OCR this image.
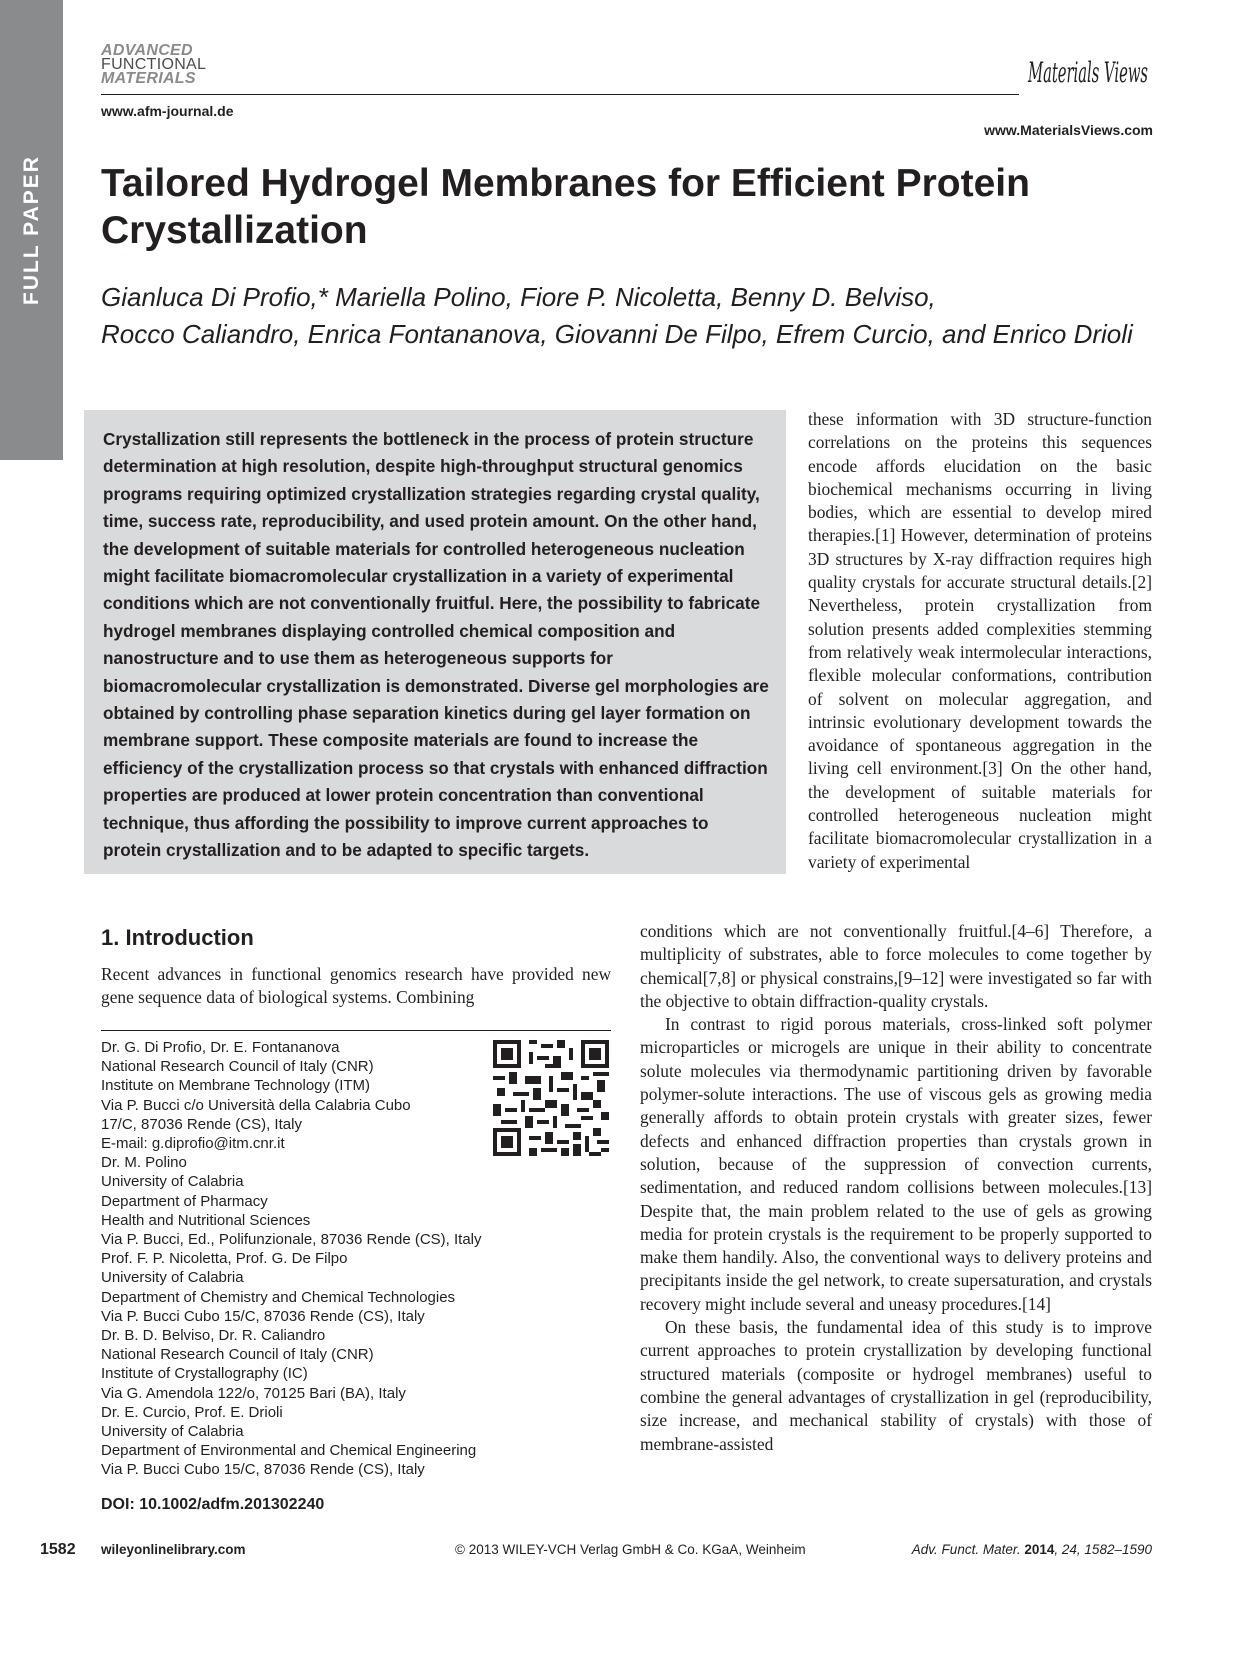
FULL PAPER
ADVANCED
FUNCTIONAL
MATERIALS
www.afm-journal.de
Materials Views
www.MaterialsViews.com
Tailored Hydrogel Membranes for Efficient Protein Crystallization
Gianluca Di Profio,* Mariella Polino, Fiore P. Nicoletta, Benny D. Belviso,
Rocco Caliandro, Enrica Fontananova, Giovanni De Filpo, Efrem Curcio, and Enrico Drioli
Crystallization still represents the bottleneck in the process of protein structure determination at high resolution, despite high-throughput structural genomics programs requiring optimized crystallization strategies regarding crystal quality, time, success rate, reproducibility, and used protein amount. On the other hand, the development of suitable materials for controlled heterogeneous nucleation might facilitate biomacromolecular crystallization in a variety of experimental conditions which are not conventionally fruitful. Here, the possibility to fabricate hydrogel membranes displaying controlled chemical composition and nanostructure and to use them as heterogeneous supports for biomacromolecular crystallization is demonstrated. Diverse gel morphologies are obtained by controlling phase separation kinetics during gel layer formation on membrane support. These composite materials are found to increase the efficiency of the crystallization process so that crystals with enhanced diffraction properties are produced at lower protein concentration than conventional technique, thus affording the possibility to improve current approaches to protein crystallization and to be adapted to specific targets.
these information with 3D structure-function correlations on the proteins this sequences encode affords elucidation on the basic biochemical mechanisms occurring in living bodies, which are essential to develop mired therapies.[1] However, determination of proteins 3D structures by X-ray diffraction requires high quality crystals for accurate structural details.[2] Nevertheless, protein crystallization from solution presents added complexities stemming from relatively weak intermolecular interactions, flexible molecular conformations, contribution of solvent on molecular aggregation, and intrinsic evolutionary development towards the avoidance of spontaneous aggregation in the living cell environment.[3] On the other hand, the development of suitable materials for controlled heterogeneous nucleation might facilitate biomacromolecular crystallization in a variety of experimental
1. Introduction
Recent advances in functional genomics research have provided new gene sequence data of biological systems. Combining

conditions which are not conventionally fruitful.[4–6] Therefore, a multiplicity of substrates, able to force molecules to come together by chemical[7,8] or physical constrains,[9–12] were investigated so far with the objective to obtain diffraction-quality crystals.

In contrast to rigid porous materials, cross-linked soft polymer microparticles or microgels are unique in their ability to concentrate solute molecules via thermodynamic partitioning driven by favorable polymer-solute interactions. The use of viscous gels as growing media generally affords to obtain protein crystals with greater sizes, fewer defects and enhanced diffraction properties than crystals grown in solution, because of the suppression of convection currents, sedimentation, and reduced random collisions between molecules.[13] Despite that, the main problem related to the use of gels as growing media for protein crystals is the requirement to be properly supported to make them handily. Also, the conventional ways to delivery proteins and precipitants inside the gel network, to create supersaturation, and crystals recovery might include several and uneasy procedures.[14]

On these basis, the fundamental idea of this study is to improve current approaches to protein crystallization by developing functional structured materials (composite or hydrogel membranes) useful to combine the general advantages of crystallization in gel (reproducibility, size increase, and mechanical stability of crystals) with those of membrane-assisted

Dr. G. Di Profio, Dr. E. Fontananova
National Research Council of Italy (CNR)
Institute on Membrane Technology (ITM)
Via P. Bucci c/o Università della Calabria Cubo
17/C, 87036 Rende (CS), Italy
E-mail: g.diprofio@itm.cnr.it
Dr. M. Polino
University of Calabria
Department of Pharmacy
Health and Nutritional Sciences
Via P. Bucci, Ed., Polifunzionale, 87036 Rende (CS), Italy
Prof. F. P. Nicoletta, Prof. G. De Filpo
University of Calabria
Department of Chemistry and Chemical Technologies
Via P. Bucci Cubo 15/C, 87036 Rende (CS), Italy
Dr. B. D. Belviso, Dr. R. Caliandro
National Research Council of Italy (CNR)
Institute of Crystallography (IC)
Via G. Amendola 122/o, 70125 Bari (BA), Italy
Dr. E. Curcio, Prof. E. Drioli
University of Calabria
Department of Environmental and Chemical Engineering
Via P. Bucci Cubo 15/C, 87036 Rende (CS), Italy
DOI: 10.1002/adfm.201302240
1582 wileyonlinelibrary.com	© 2013 WILEY-VCH Verlag GmbH & Co. KGaA, Weinheim	Adv. Funct. Mater. 2014, 24, 1582–1590
